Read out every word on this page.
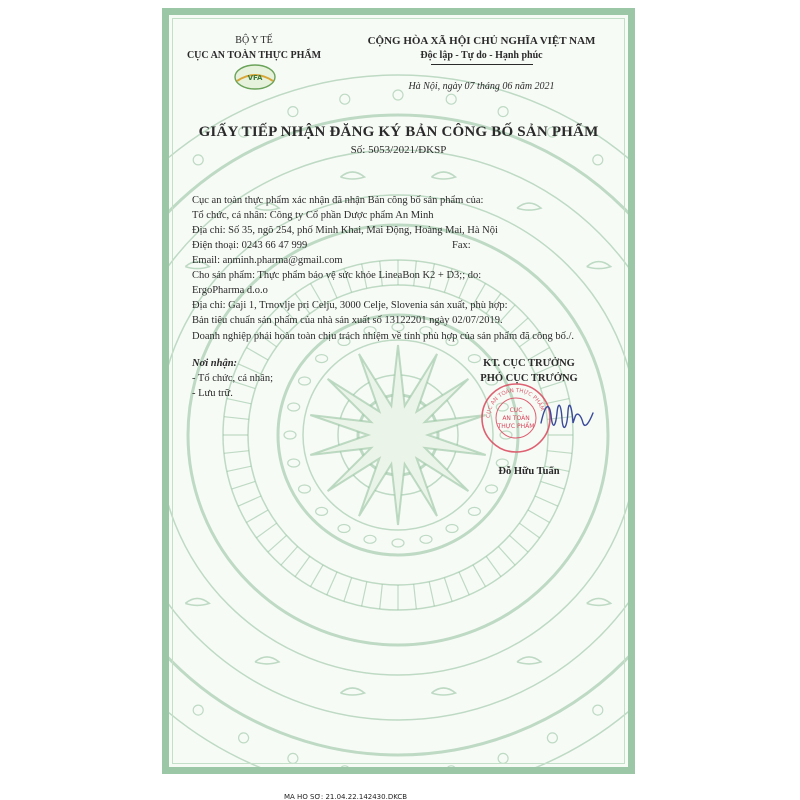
BỘ Y TẾ
CỤC AN TOÀN THỰC PHẨM
VFA
CỘNG HÒA XÃ HỘI CHỦ NGHĨA VIỆT NAM
Độc lập - Tự do - Hạnh phúc
Hà Nội, ngày 07 tháng 06 năm 2021
GIẤY TIẾP NHẬN ĐĂNG KÝ BẢN CÔNG BỐ SẢN PHẨM
Số: 5053/2021/ĐKSP
Cục an toàn thực phẩm xác nhận đã nhận Bản công bố sản phẩm của:
Tổ chức, cá nhân: Công ty Cổ phần Dược phẩm An Minh
Địa chỉ: Số 35, ngõ 254, phố Minh Khai, Mai Động, Hoàng Mai, Hà Nội
Điện thoại: 0243 66 47 999	Fax:
Email: anminh.pharma@gmail.com
Cho sản phẩm: Thực phẩm bảo vệ sức khỏe LineaBon K2 + D3;; do:
ErgoPharma d.o.o
Địa chỉ: Gaji 1, Trnovlje pri Celju, 3000 Celje, Slovenia sản xuất, phù hợp:
Bản tiêu chuẩn sản phẩm của nhà sản xuất số 13122201 ngày 02/07/2019.
Doanh nghiệp phải hoàn toàn chịu trách nhiệm về tính phù hợp của sản phẩm đã công bố./.
Nơi nhận:
- Tổ chức, cá nhân;
- Lưu trữ.
KT. CỤC TRƯỞNG
PHÓ CỤC TRƯỞNG
CỤC AN TOÀN THỰC PHẨM
CỤC
AN TOÀN
THỰC PHẨM
Đỗ Hữu Tuấn
MÃ HỒ SƠ: 21.04.22.142430.DKCB
